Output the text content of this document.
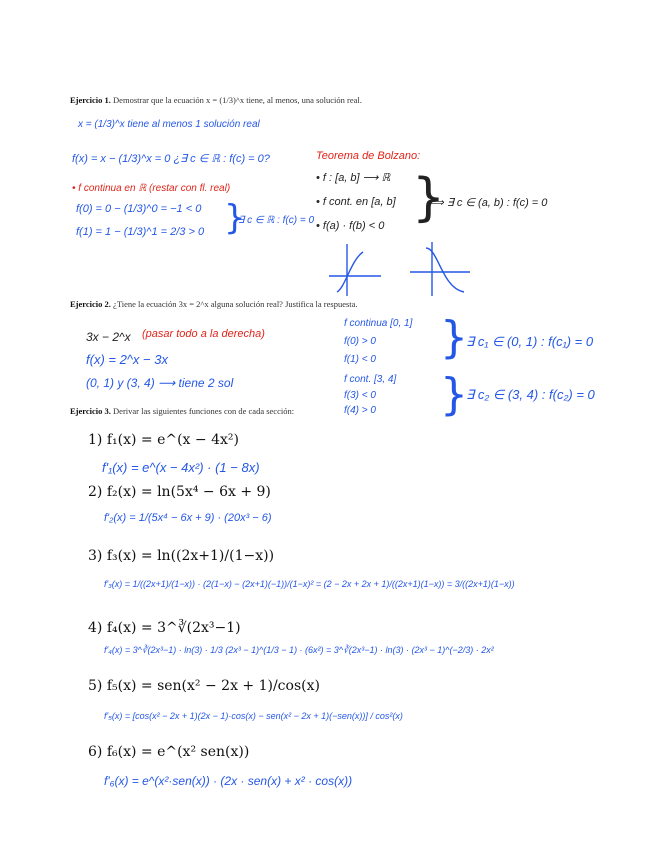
Ejercicio 1. Demostrar que la ecuación x = (1/3)^x tiene, al menos, una solución real.
x = (1/3)^x tiene al menos 1 solución real
f(x) = x − (1/3)^x = 0 ¿∃ c ∈ ℝ : f(c) = 0?
• f continua en ℝ (restar con fl. real)
f(0) = 0 − (1/3)^0 = −1 < 0
f(1) = 1 − (1/3)^1 = 2/3 > 0 }
∃ c ∈ ℝ : f(c) = 0
Teorema de Bolzano:
• f : [a, b] ⟶ ℝ
• f cont. en [a, b]
• f(a) · f(b) < 0 }
⟹ ∃ c ∈ (a, b) : f(c) = 0
Ejercicio 2. ¿Tiene la ecuación 3x = 2^x alguna solución real? Justifica la respuesta.
3x − 2^x (pasar todo a la derecha)
f(x) = 2^x − 3x
(0, 1) y (3, 4) ⟶ tiene 2 sol
f continua [0, 1]
f(0) > 0
f(1) < 0 }
∃ c₁ ∈ (0, 1) : f(c₁) = 0
f cont. [3, 4]
f(3) < 0
f(4) > 0 }
∃ c₂ ∈ (3, 4) : f(c₂) = 0
Ejercicio 3. Derivar las siguientes funciones con de cada sección:
1) f₁(x) = e^(x − 4x²)
f'₁(x) = e^(x − 4x²) · (1 − 8x)
2) f₂(x) = ln(5x⁴ − 6x + 9)
f'₂(x) = 1/(5x⁴ − 6x + 9) · (20x³ − 6)
3) f₃(x) = ln((2x+1)/(1−x))
f'₃(x) = 1/((2x+1)/(1−x)) · (2(1−x) − (2x+1)(−1))/(1−x)² = (2 − 2x + 2x + 1)/((2x+1)(1−x)) = 3/((2x+1)(1−x))
4) f₄(x) = 3^∛(2x³−1)
f'₄(x) = 3^∛(2x³−1) · ln(3) · 1/3 (2x³ − 1)^(1/3 − 1) · (6x²) = 3^∛(2x³−1) · ln(3) · (2x³ − 1)^(−2/3) · 2x²
5) f₅(x) = sen(x² − 2x + 1)/cos(x)
f'₅(x) = [cos(x² − 2x + 1)(2x − 1)·cos(x) − sen(x² − 2x + 1)(−sen(x))] / cos²(x)
6) f₆(x) = e^(x² sen(x))
f'₆(x) = e^(x²·sen(x)) · (2x · sen(x) + x² · cos(x))
